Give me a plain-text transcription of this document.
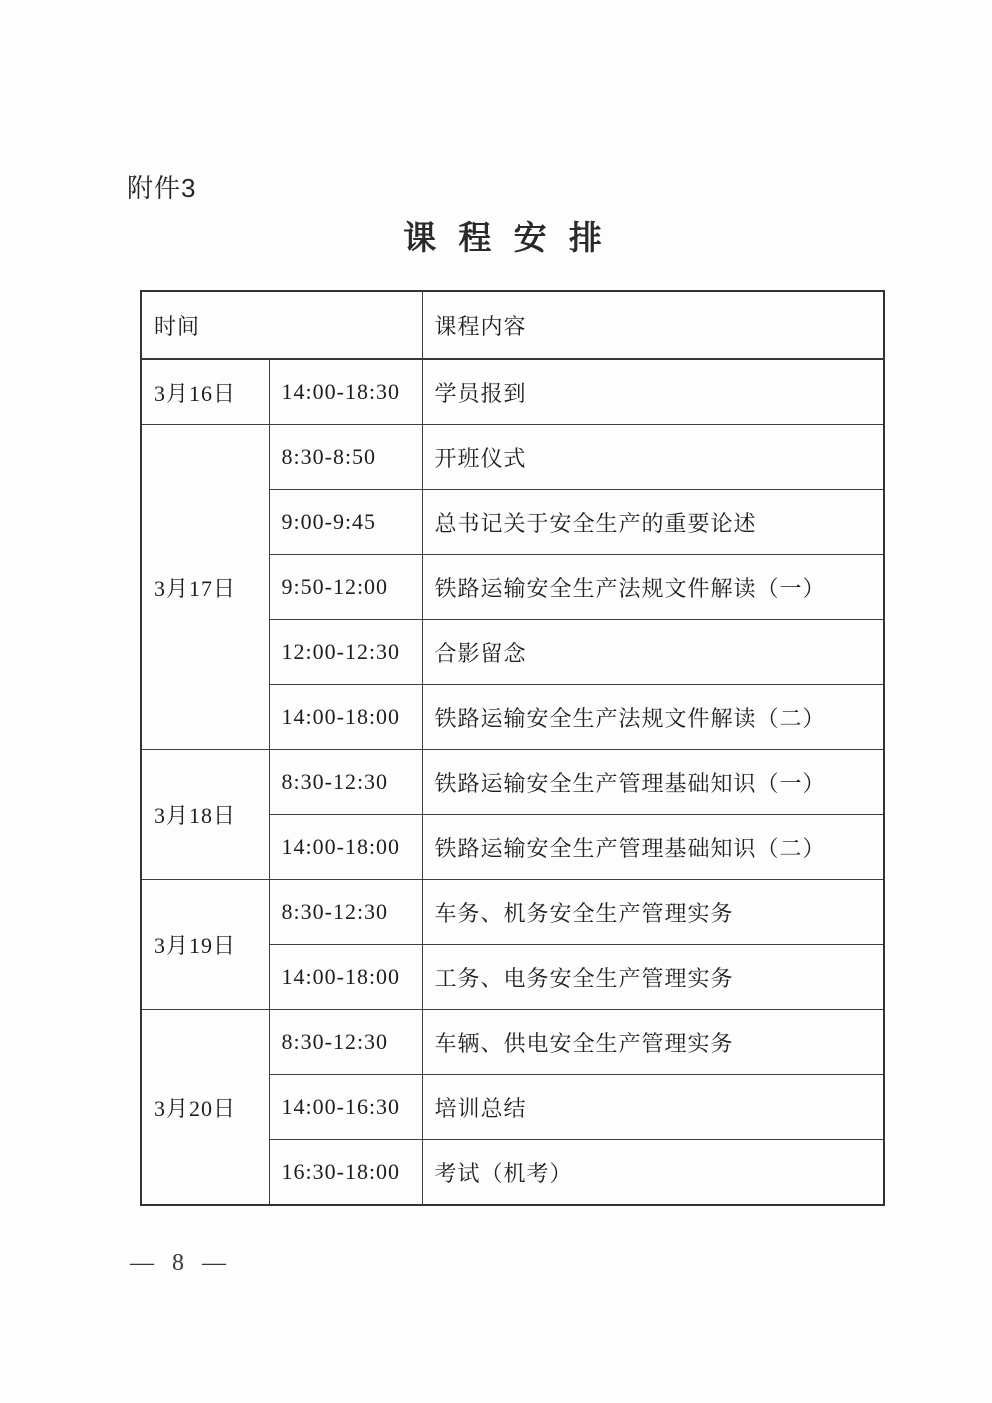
附件3
课 程 安 排
时间		课程内容
3月16日	14:00-18:30	学员报到
3月17日	8:30-8:50	开班仪式
	9:00-9:45	总书记关于安全生产的重要论述
	9:50-12:00	铁路运输安全生产法规文件解读（一）
	12:00-12:30	合影留念
	14:00-18:00	铁路运输安全生产法规文件解读（二）
3月18日	8:30-12:30	铁路运输安全生产管理基础知识（一）
	14:00-18:00	铁路运输安全生产管理基础知识（二）
3月19日	8:30-12:30	车务、机务安全生产管理实务
	14:00-18:00	工务、电务安全生产管理实务
3月20日	8:30-12:30	车辆、供电安全生产管理实务
	14:00-16:30	培训总结
	16:30-18:00	考试（机考）
— 8 —
